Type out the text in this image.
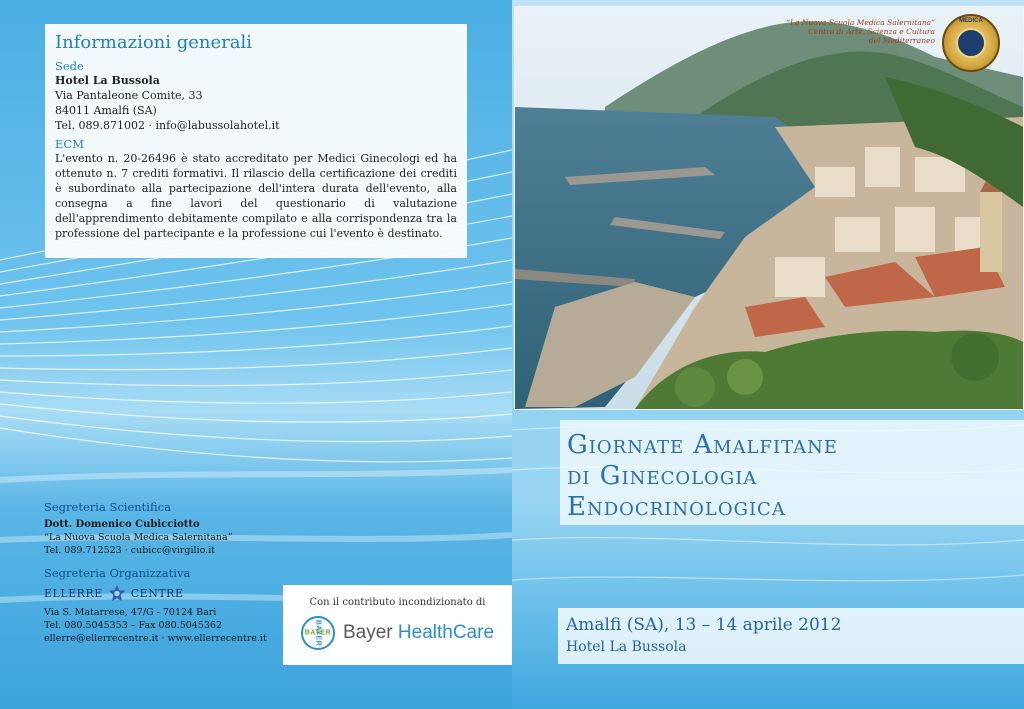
Informazioni generali
Sede
Hotel La Bussola
Via Pantaleone Comite, 33
84011 Amalfi (SA)
Tel. 089.871002 · info@labussolahotel.it
ECM
L'evento n. 20-26496 è stato accreditato per Medici Ginecologi ed ha ottenuto n. 7 crediti formativi. Il rilascio della certificazione dei crediti è subordinato alla partecipazione dell'intera durata dell'evento, alla consegna a fine lavori del questionario di valutazione dell'apprendimento debitamente compilato e alla corrispondenza tra la professione del partecipante e la professione cui l'evento è destinato.
Segreteria Scientifica
Dott. Domenico Cubicciotto
“La Nuova Scuola Medica Salernitana”
Tel. 089.712523 · cubicc@virgilio.it
Segreteria Organizzativa
ELLERRE	CENTRE
Via S. Matarrese, 47/G - 70124 Bari
Tel. 080.5045353 – Fax 080.5045362
ellerre@ellerrecentre.it · www.ellerrecentre.it
Con il contributo incondizionato di
BAYER
BAYER Bayer HealthCare
“La Nuova Scuola Medica Salernitana”
Centro di Arte, Scienza e Cultura
del Mediterraneo
MEDICA
Giornate Amalfitane
di Ginecologia
Endocrinologica
Amalfi (SA), 13 – 14 aprile 2012
Hotel La Bussola
